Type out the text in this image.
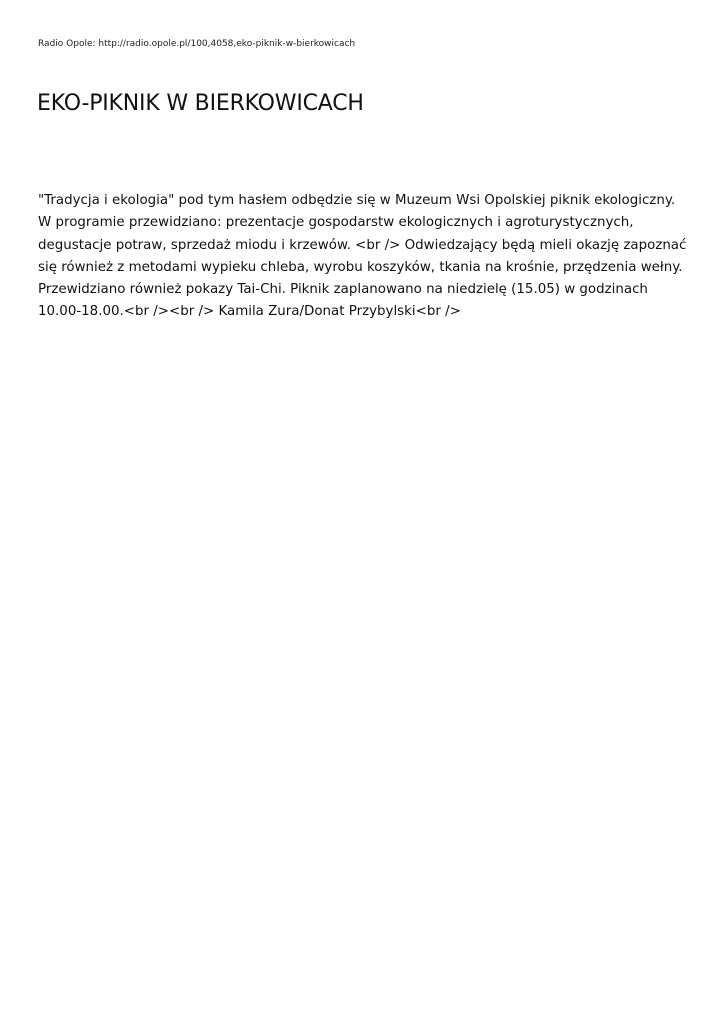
Radio Opole: http://radio.opole.pl/100,4058,eko-piknik-w-bierkowicach
EKO-PIKNIK W BIERKOWICACH

"Tradycja i ekologia" pod tym hasłem odbędzie się w Muzeum Wsi Opolskiej piknik ekologiczny. W programie przewidziano: prezentacje gospodarstw ekologicznych i agroturystycznych, degustacje potraw, sprzedaż miodu i krzewów. <br /> Odwiedzający będą mieli okazję zapoznać się również z metodami wypieku chleba, wyrobu koszyków, tkania na krośnie, przędzenia wełny. Przewidziano również pokazy Tai-Chi. Piknik zaplanowano na niedzielę (15.05) w godzinach 10.00-18.00.<br /><br /> Kamila Zura/Donat Przybylski<br />
